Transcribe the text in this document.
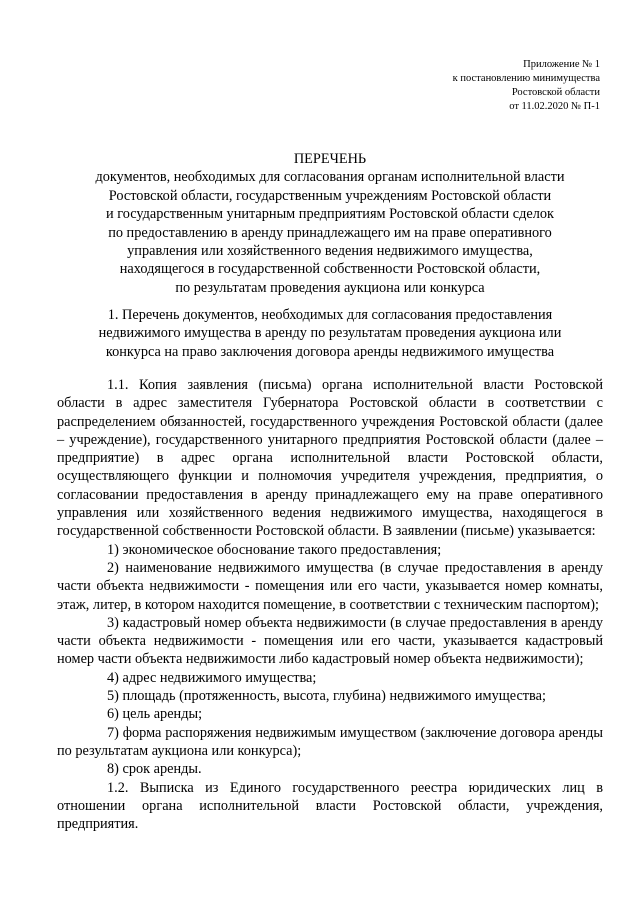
Приложение № 1
к постановлению минимущества
Ростовской области
от 11.02.2020 № П-1
ПЕРЕЧЕНЬ
документов, необходимых для согласования органам исполнительной власти
Ростовской области, государственным учреждениям Ростовской области
и государственным унитарным предприятиям Ростовской области сделок
по предоставлению в аренду принадлежащего им на праве оперативного
управления или хозяйственного ведения недвижимого имущества,
находящегося в государственной собственности Ростовской области,
по результатам проведения аукциона или конкурса
1. Перечень документов, необходимых для согласования предоставления
недвижимого имущества в аренду по результатам проведения аукциона или
конкурса на право заключения договора аренды недвижимого имущества

1.1. Копия заявления (письма) органа исполнительной власти Ростовской области в адрес заместителя Губернатора Ростовской области в соответствии с распределением обязанностей, государственного учреждения Ростовской области (далее – учреждение), государственного унитарного предприятия Ростовской области (далее – предприятие) в адрес органа исполнительной власти Ростовской области, осуществляющего функции и полномочия учредителя учреждения, предприятия, о согласовании предоставления в аренду принадлежащего ему на праве оперативного управления или хозяйственного ведения недвижимого имущества, находящегося в государственной собственности Ростовской области. В заявлении (письме) указывается:

1) экономическое обоснование такого предоставления;

2) наименование недвижимого имущества (в случае предоставления в аренду части объекта недвижимости - помещения или его части, указывается номер комнаты, этаж, литер, в котором находится помещение, в соответствии с техническим паспортом);

3) кадастровый номер объекта недвижимости (в случае предоставления в аренду части объекта недвижимости - помещения или его части, указывается кадастровый номер части объекта недвижимости либо кадастровый номер объекта недвижимости);

4) адрес недвижимого имущества;

5) площадь (протяженность, высота, глубина) недвижимого имущества;

6) цель аренды;

7) форма распоряжения недвижимым имуществом (заключение договора аренды по результатам аукциона или конкурса);

8) срок аренды.

1.2. Выписка из Единого государственного реестра юридических лиц в отношении органа исполнительной власти Ростовской области, учреждения, предприятия.
